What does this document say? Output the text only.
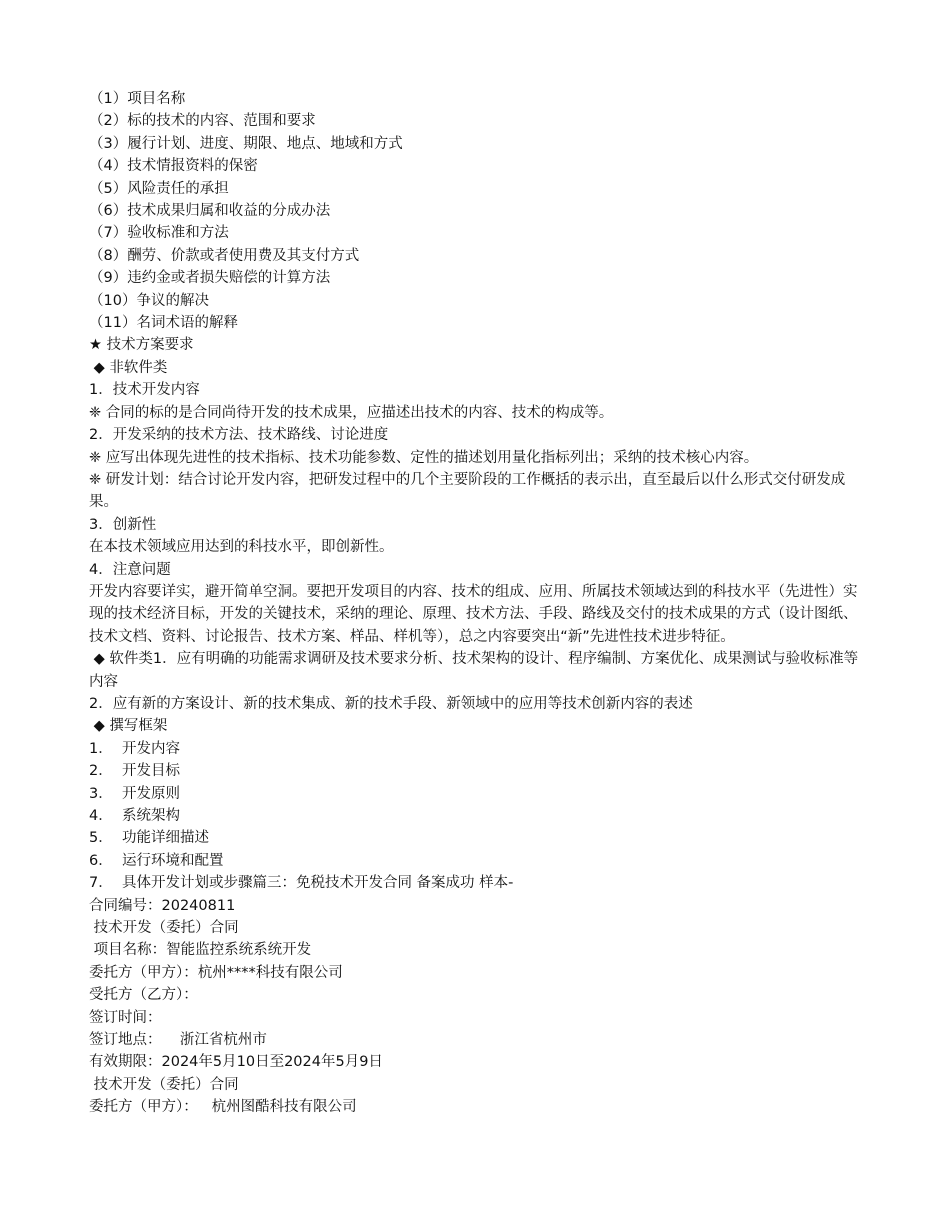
（1）项目名称
（2）标的技术的内容、范围和要求
（3）履行计划、进度、期限、地点、地域和方式
（4）技术情报资料的保密
（5）风险责任的承担
（6）技术成果归属和收益的分成办法
（7）验收标准和方法
（8）酬劳、价款或者使用费及其支付方式
（9）违约金或者损失赔偿的计算方法
（10）争议的解决
（11）名词术语的解释
★ 技术方案要求
◆ 非软件类
1．技术开发内容
❈ 合同的标的是合同尚待开发的技术成果，应描述出技术的内容、技术的构成等。
2．开发采纳的技术方法、技术路线、讨论进度
❈ 应写出体现先进性的技术指标、技术功能参数、定性的描述划用量化指标列出；采纳的技术核心内容。
❈ 研发计划：结合讨论开发内容，把研发过程中的几个主要阶段的工作概括的表示出，直至最后以什么形式交付研发成果。
3．创新性
在本技术领域应用达到的科技水平，即创新性。
4．注意问题
开发内容要详实，避开简单空洞。要把开发项目的内容、技术的组成、应用、所属技术领域达到的科技水平（先进性）实现的技术经济目标，开发的关键技术，采纳的理论、原理、技术方法、手段、路线及交付的技术成果的方式（设计图纸、技术文档、资料、讨论报告、技术方案、样品、样机等），总之内容要突出“新”先进性技术进步特征。
◆ 软件类1．应有明确的功能需求调研及技术要求分析、技术架构的设计、程序编制、方案优化、成果测试与验收标准等内容
2．应有新的方案设计、新的技术集成、新的技术手段、新领域中的应用等技术创新内容的表述
◆ 撰写框架
1．  开发内容
2．  开发目标
3．  开发原则
4．  系统架构
5．  功能详细描述
6．  运行环境和配置
7．  具体开发计划或步骤篇三：免税技术开发合同 备案成功 样本-
合同编号：20240811
技术开发（委托）合同
项目名称：智能监控系统系统开发
委托方（甲方）：杭州****科技有限公司
受托方（乙方）：
签订时间：
签订地点：    浙江省杭州市
有效期限：2024年5月10日至2024年5月9日
技术开发（委托）合同
委托方（甲方）：   杭州图酷科技有限公司
